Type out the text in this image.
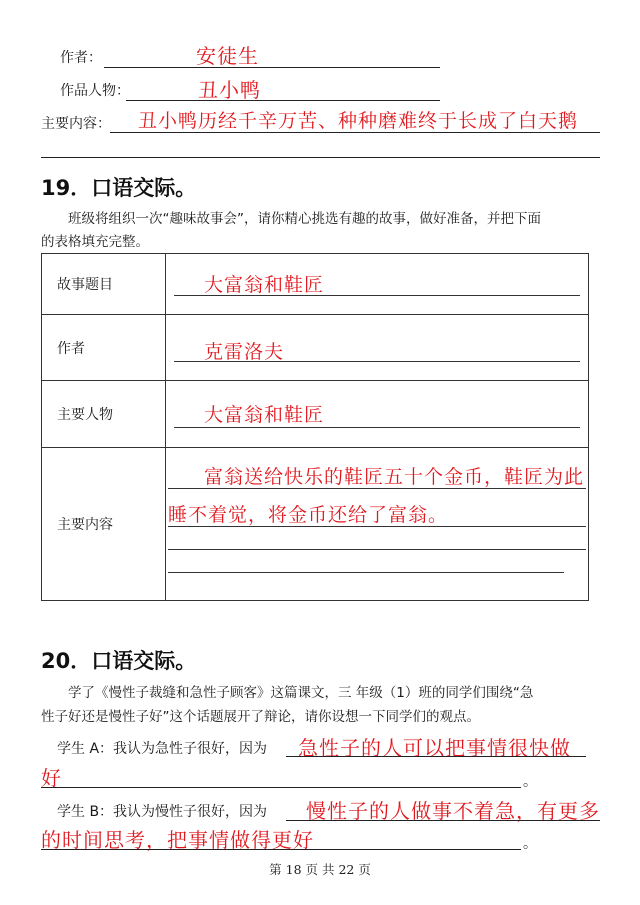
作者：	安徒生
作品人物：	丑小鸭
主要内容： 丑小鸭历经千辛万苦、种种磨难终于长成了白天鹅
19．口语交际。
班级将组织一次“趣味故事会”，请你精心挑选有趣的故事，做好准备，并把下面
的表格填充完整。
故事题目	大富翁和鞋匠

作者	克雷洛夫

主要人物	大富翁和鞋匠

主要内容	富翁送给快乐的鞋匠五十个金币，鞋匠为此
睡不着觉，将金币还给了富翁。
20．口语交际。
学了《慢性子裁缝和急性子顾客》这篇课文，三 年级（1）班的同学们围绕“急
性子好还是慢性子好”这个话题展开了辩论，请你设想一下同学们的观点。
学生 A：我认为急性子很好，因为 急性子的人可以把事情很快做
好	。
学生 B：我认为慢性子很好，因为 慢性子的人做事不着急，有更多
的时间思考，把事情做得更好	。
第 18 页 共 22 页
